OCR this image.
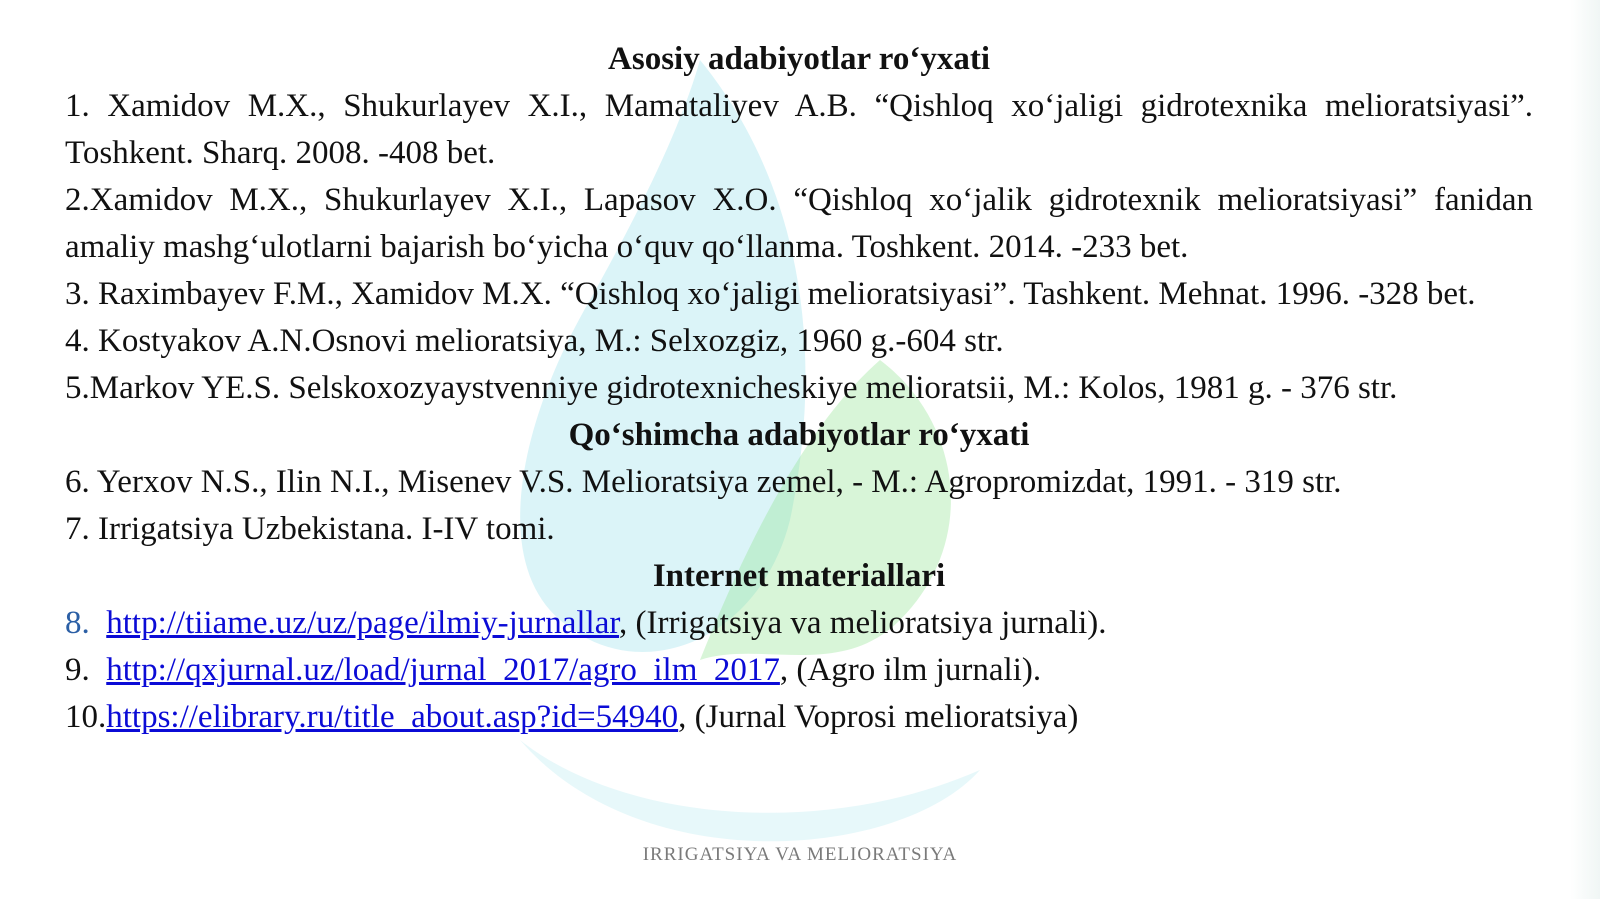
Asosiy adabiyotlar ro‘yxati

1. Xamidov M.X., Shukurlayev X.I., Mamataliyev A.B. “Qishloq xo‘jaligi gidrotexnika melioratsiyasi”. Toshkent. Sharq. 2008. -408 bet.

2.Xamidov M.X., Shukurlayev X.I., Lapasov X.O. “Qishloq xo‘jalik gidrotexnik melioratsiyasi” fanidan amaliy mashg‘ulotlarni bajarish bo‘yicha o‘quv qo‘llanma. Toshkent. 2014. -233 bet.

3. Raximbayev F.M., Xamidov M.X. “Qishloq xo‘jaligi melioratsiyasi”. Tashkent. Mehnat. 1996. -328 bet.

4. Kostyakov A.N.Osnovi melioratsiya, M.: Selxozgiz, 1960 g.-604 str.

5.Markov YE.S. Selskoxozyaystvenniye gidrotexnicheskiye melioratsii, M.: Kolos, 1981 g. - 376 str.

Qo‘shimcha adabiyotlar ro‘yxati

6. Yerxov N.S., Ilin N.I., Misenev V.S. Melioratsiya zemel, - M.: Agropromizdat, 1991. - 319 str.

7. Irrigatsiya Uzbekistana. I-IV tomi.

Internet materiallari

8.  http://tiiame.uz/uz/page/ilmiy-jurnallar, (Irrigatsiya va melioratsiya jurnali).

9.  http://qxjurnal.uz/load/jurnal_2017/agro_ilm_2017, (Agro ilm jurnali).

10.https://elibrary.ru/title_about.asp?id=54940, (Jurnal Voprosi melioratsiya)

IRRIGATSIYA VA MELIORATSIYA
